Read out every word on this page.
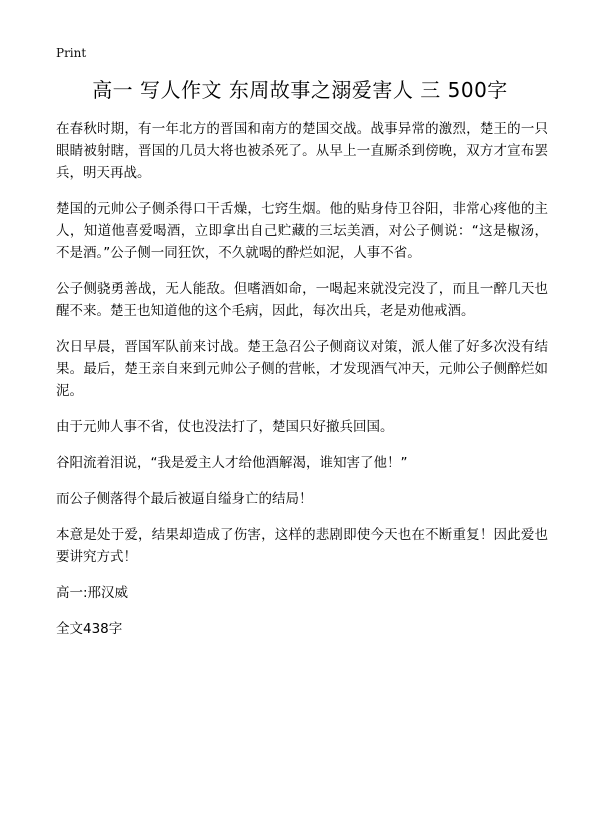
Print
高一 写人作文 东周故事之溺爱害人 三 500字

在春秋时期，有一年北方的晋国和南方的楚国交战。战事异常的激烈，楚王的一只眼睛被射瞎，晋国的几员大将也被杀死了。从早上一直厮杀到傍晚，双方才宣布罢兵，明天再战。

楚国的元帅公子侧杀得口干舌燥，七窍生烟。他的贴身侍卫谷阳，非常心疼他的主人，知道他喜爱喝酒，立即拿出自己贮藏的三坛美酒，对公子侧说：“这是椒汤，不是酒。”公子侧一同狂饮，不久就喝的酔烂如泥，人事不省。

公子侧骁勇善战，无人能敌。但嗜酒如命，一喝起来就没完没了，而且一醉几天也醒不来。楚王也知道他的这个毛病，因此，每次出兵，老是劝他戒酒。

次日早晨，晋国军队前来讨战。楚王急召公子侧商议对策，派人催了好多次没有结果。最后，楚王亲自来到元帅公子侧的营帐，才发现酒气冲天，元帅公子侧醉烂如泥。

由于元帅人事不省，仗也没法打了，楚国只好撤兵回国。

谷阳流着泪说，“我是爱主人才给他酒解渴，谁知害了他！”

而公子侧落得个最后被逼自缢身亡的结局！

本意是处于爱，结果却造成了伤害，这样的悲剧即使今天也在不断重复！因此爱也要讲究方式！

高一:邢汉威

全文438字
